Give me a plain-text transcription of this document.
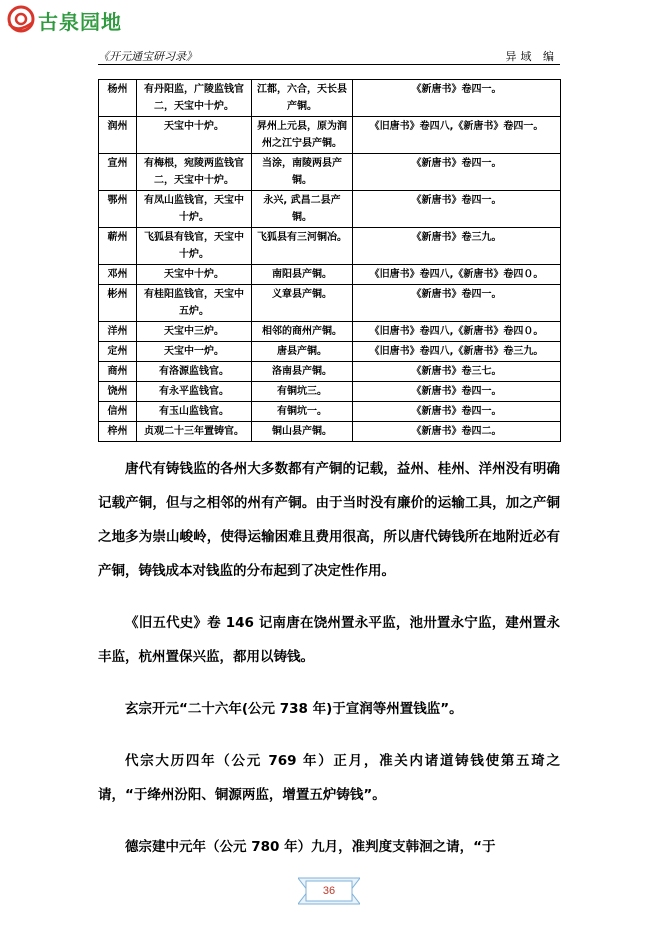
古泉园地
《开元通宝研习录》	异域 编
杨州	有丹阳监，广陵监钱官二，天宝中十炉。	江都，六合，天长县产铜。	《新唐书》卷四一。
润州	天宝中十炉。	昇州上元县，原为润州之江宁县产铜。	《旧唐书》卷四八,《新唐书》卷四一。
宣州	有梅根，宛陵两监钱官二，天宝中十炉。	当涂，南陵两县产铜。	《新唐书》卷四一。
鄂州	有凤山监钱官，天宝中十炉。	永兴, 武昌二县产铜。	《新唐书》卷四一。
蕲州	飞狐县有钱官，天宝中十炉。	飞狐县有三河铜冶。	《新唐书》卷三九。
邓州	天宝中十炉。	南阳县产铜。	《旧唐书》卷四八,《新唐书》卷四０。
彬州	有桂阳监钱官，天宝中五炉。	义章县产铜。	《新唐书》卷四一。
洋州	天宝中三炉。	相邻的商州产铜。	《旧唐书》卷四八,《新唐书》卷四０。
定州	天宝中一炉。	唐县产铜。	《旧唐书》卷四八,《新唐书》卷三九。
商州	有洛源监钱官。	洛南县产铜。	《新唐书》卷三七。
饶州	有永平监钱官。	有铜坑三。	《新唐书》卷四一。
信州	有玉山监钱官。	有铜坑一。	《新唐书》卷四一。
梓州	贞观二十三年置铸官。	铜山县产铜。	《新唐书》卷四二。

唐代有铸钱监的各州大多数都有产铜的记载，益州、桂州、洋州没有明确记载产铜，但与之相邻的州有产铜。由于当时没有廉价的运输工具，加之产铜之地多为崇山峻岭，使得运输困难且费用很高，所以唐代铸钱所在地附近必有产铜，铸钱成本对钱监的分布起到了决定性作用。

《旧五代史》卷 146 记南唐在饶州置永平监，池卅置永宁监，建州置永丰监，杭州置保兴监，都用以铸钱。

玄宗开元“二十六年(公元 738 年)于宣润等州置钱监”。

代宗大历四年（公元 769 年）正月，准关内诸道铸钱使第五琦之请，“于绛州汾阳、铜源两监，增置五炉铸钱”。

德宗建中元年（公元 780 年）九月，准判度支韩洄之请，“于

36
